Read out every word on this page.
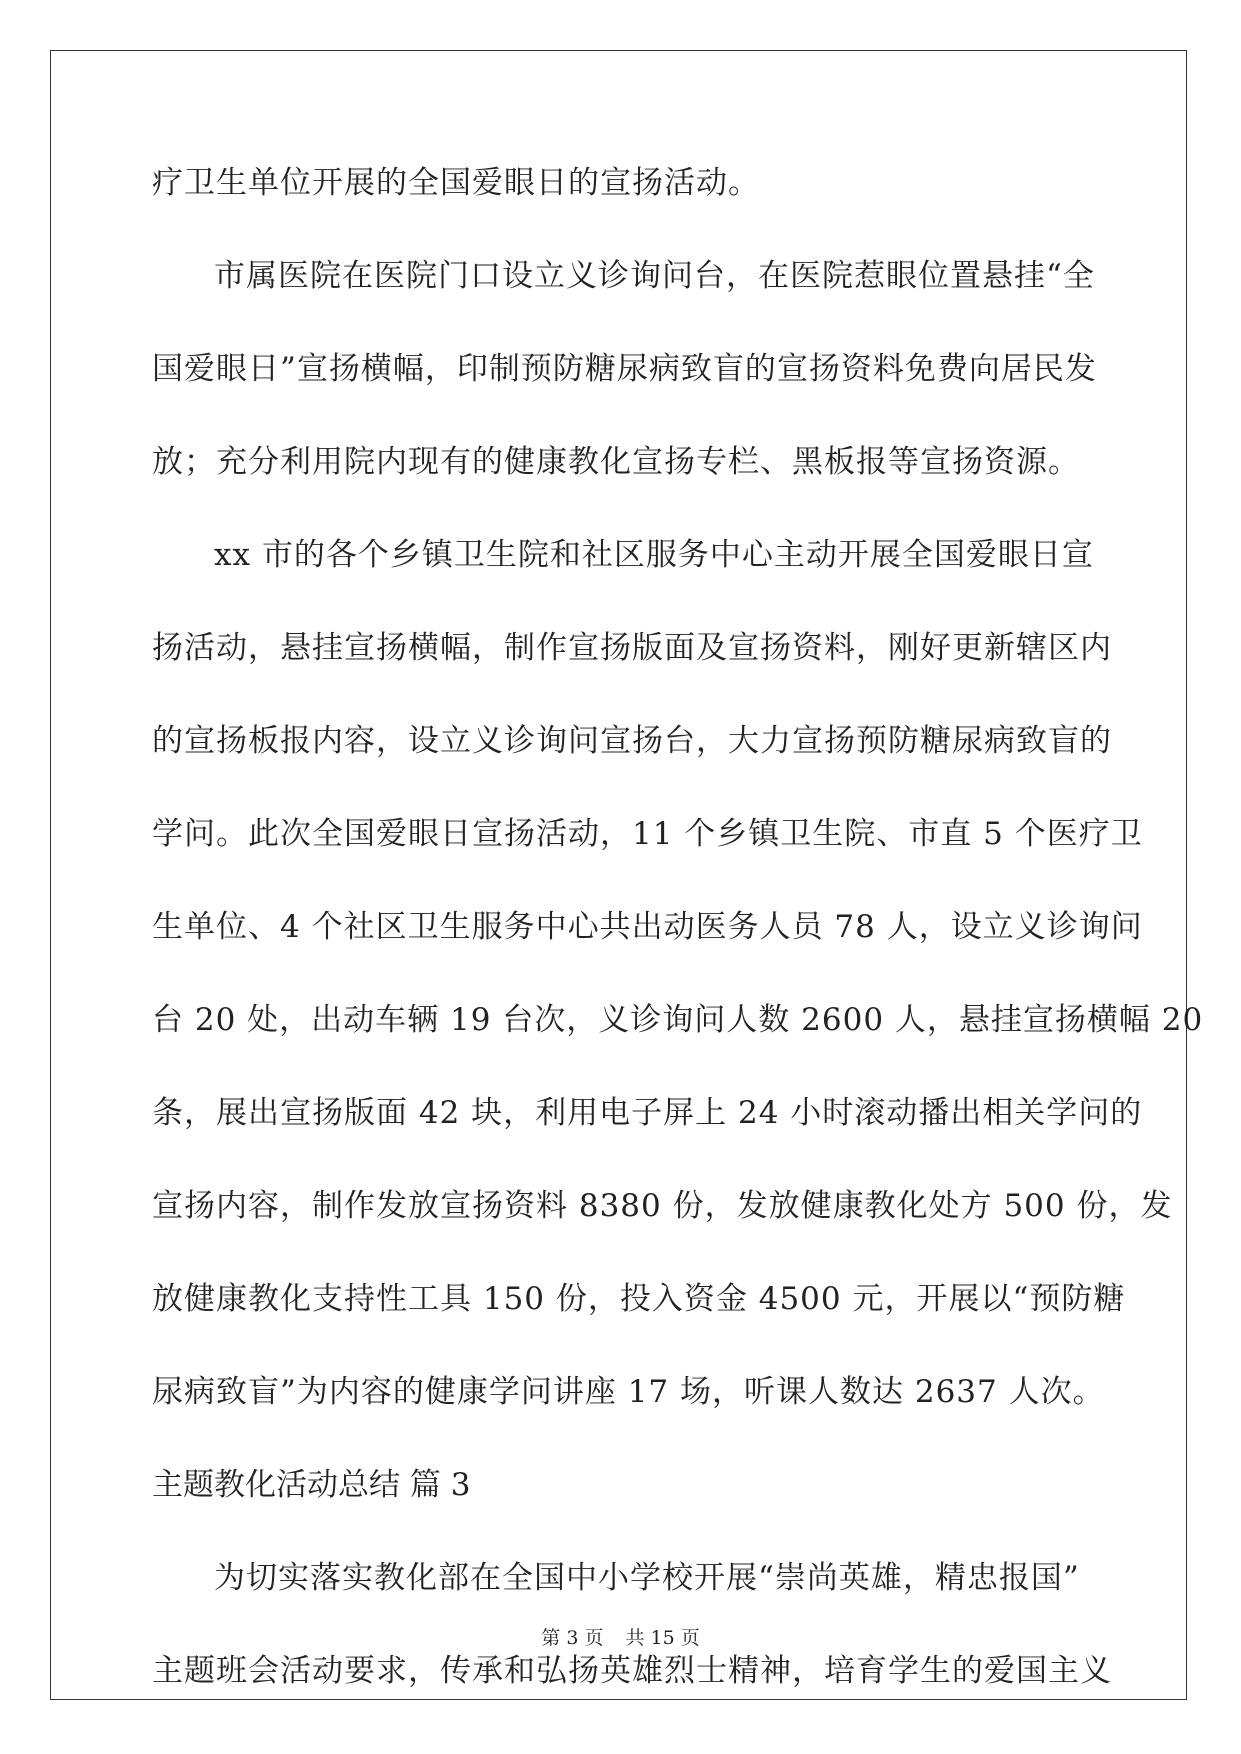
疗卫生单位开展的全国爱眼日的宣扬活动。
市属医院在医院门口设立义诊询问台，在医院惹眼位置悬挂“全
国爱眼日”宣扬横幅，印制预防糖尿病致盲的宣扬资料免费向居民发
放；充分利用院内现有的健康教化宣扬专栏、黑板报等宣扬资源。
xx 市的各个乡镇卫生院和社区服务中心主动开展全国爱眼日宣
扬活动，悬挂宣扬横幅，制作宣扬版面及宣扬资料，刚好更新辖区内
的宣扬板报内容，设立义诊询问宣扬台，大力宣扬预防糖尿病致盲的
学问。此次全国爱眼日宣扬活动，11 个乡镇卫生院、市直 5 个医疗卫
生单位、4 个社区卫生服务中心共出动医务人员 78 人，设立义诊询问
台 20 处，出动车辆 19 台次，义诊询问人数 2600 人，悬挂宣扬横幅 20
条，展出宣扬版面 42 块，利用电子屏上 24 小时滚动播出相关学问的
宣扬内容，制作发放宣扬资料 8380 份，发放健康教化处方 500 份，发
放健康教化支持性工具 150 份，投入资金 4500 元，开展以“预防糖
尿病致盲”为内容的健康学问讲座 17 场，听课人数达 2637 人次。
主题教化活动总结 篇 3
为切实落实教化部在全国中小学校开展“崇尚英雄，精忠报国”
主题班会活动要求，传承和弘扬英雄烈士精神，培育学生的爱国主义
第 3 页 共 15 页
